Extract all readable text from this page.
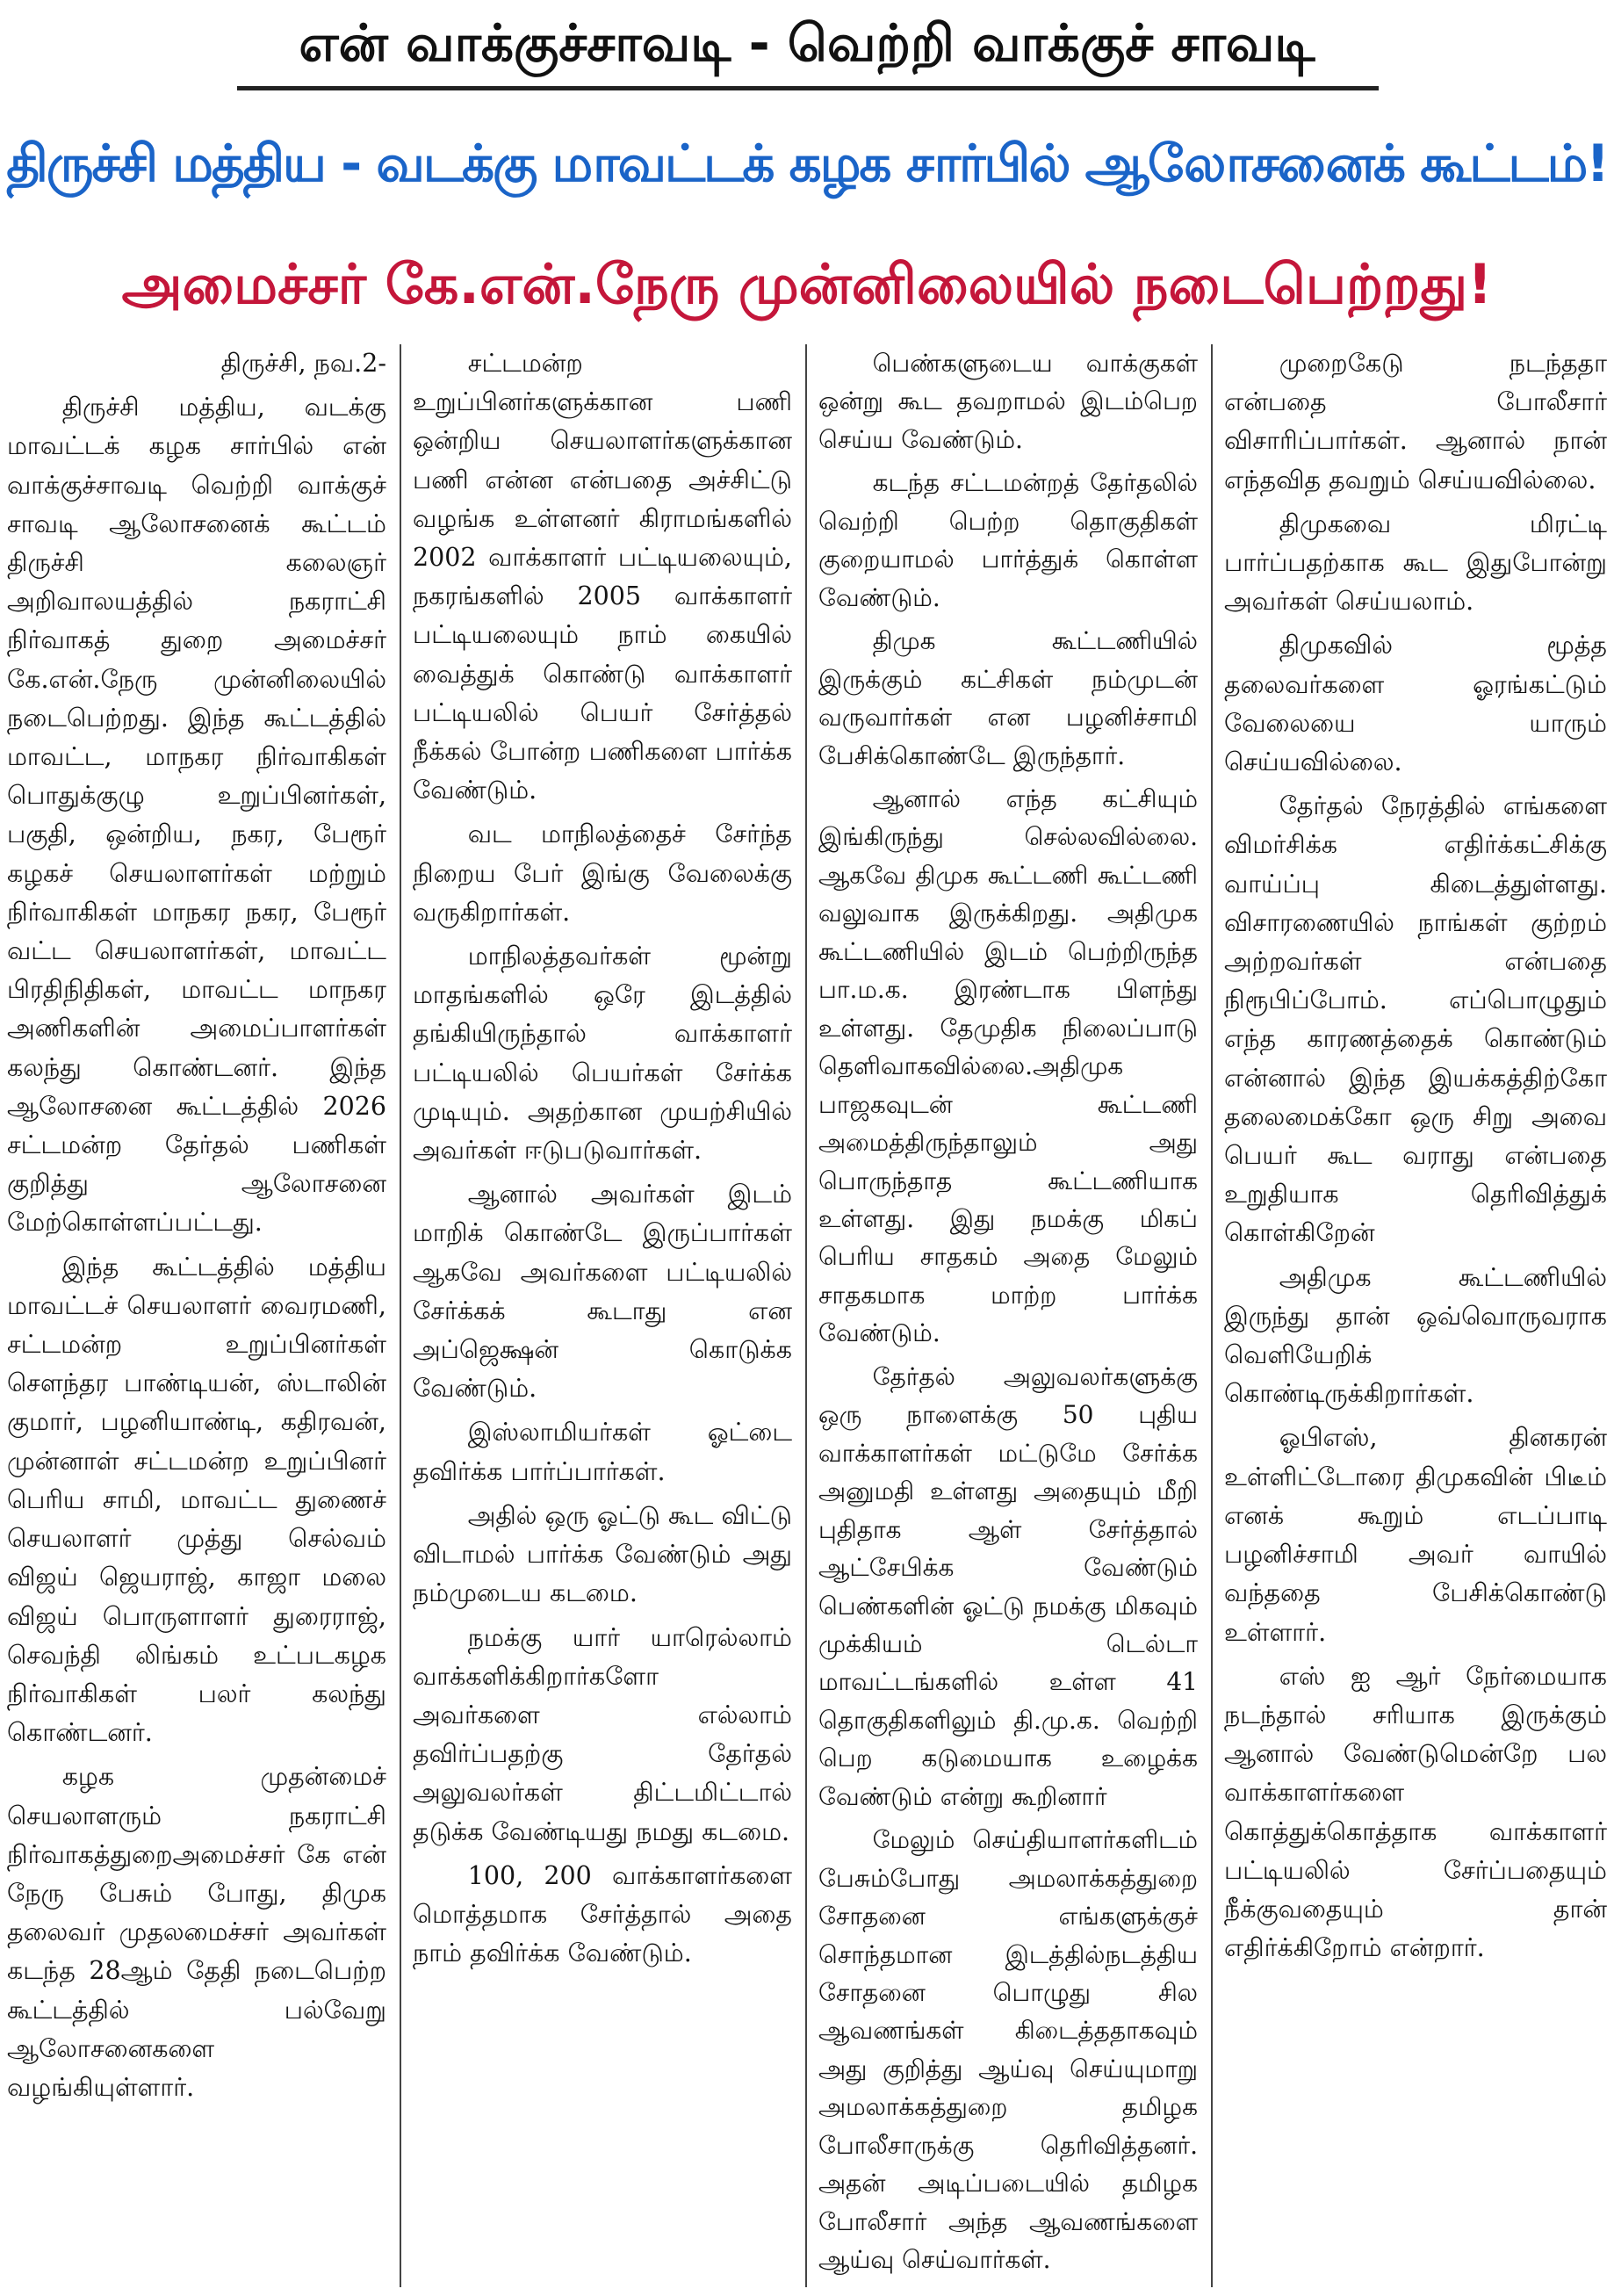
என் வாக்குச்சாவடி - வெற்றி வாக்குச் சாவடி
திருச்சி மத்திய - வடக்கு மாவட்டக் கழக சார்பில் ஆலோசனைக் கூட்டம்!
அமைச்சர் கே.என்.நேரு முன்னிலையில் நடைபெற்றது!

திருச்சி, நவ.2-

திருச்சி மத்திய, வடக்கு மாவட்டக் கழக சார்பில் என் வாக்குச்சாவடி வெற்றி வாக்குச் சாவடி ஆலோசனைக் கூட்டம் திருச்சி கலைஞர் அறிவாலயத்தில் நகராட்சி நிர்வாகத் துறை அமைச்சர் கே.என்.நேரு முன்னிலையில் நடைபெற்றது. இந்த கூட்டத்தில் மாவட்ட, மாநகர நிர்வாகிகள் பொதுக்குழு உறுப்பினர்கள், பகுதி, ஒன்றிய, நகர, பேரூர் கழகச் செயலாளர்கள் மற்றும் நிர்வாகிகள் மாநகர நகர, பேரூர் வட்ட செயலாளர்கள், மாவட்ட பிரதிநிதிகள், மாவட்ட மாநகர அணிகளின் அமைப்பாளர்கள் கலந்து கொண்டனர். இந்த ஆலோசனை கூட்டத்தில் 2026 சட்டமன்ற தேர்தல் பணிகள் குறித்து ஆலோசனை மேற்கொள்ளப்பட்டது.

இந்த கூட்டத்தில் மத்திய மாவட்டச் செயலாளர் வைரமணி, சட்டமன்ற உறுப்பினர்கள் சௌந்தர பாண்டியன், ஸ்டாலின் குமார், பழனியாண்டி, கதிரவன், முன்னாள் சட்டமன்ற உறுப்பினர் பெரிய சாமி, மாவட்ட துணைச் செயலாளர் முத்து செல்வம் விஜய் ஜெயராஜ், காஜா மலை விஜய் பொருளாளர் துரைராஜ், செவந்தி லிங்கம் உட்படகழக நிர்வாகிகள் பலர் கலந்து கொண்டனர்.

கழக முதன்மைச் செயலாளரும் நகராட்சி நிர்வாகத்துறைஅமைச்சர் கே என் நேரு பேசும் போது, திமுக தலைவர் முதலமைச்சர் அவர்கள் கடந்த 28ஆம் தேதி நடைபெற்ற கூட்டத்தில் பல்வேறு ஆலோசனைகளை வழங்கியுள்ளார்.

சட்டமன்ற உறுப்பினர்களுக்கான பணி ஒன்றிய செயலாளர்களுக்கான பணி என்ன என்பதை அச்சிட்டு வழங்க உள்ளனர் கிராமங்களில் 2002 வாக்காளர் பட்டியலையும், நகரங்களில் 2005 வாக்காளர் பட்டியலையும் நாம் கையில் வைத்துக் கொண்டு வாக்காளர் பட்டியலில் பெயர் சேர்த்தல் நீக்கல் போன்ற பணிகளை பார்க்க வேண்டும்.

வட மாநிலத்தைச் சேர்ந்த நிறைய பேர் இங்கு வேலைக்கு வருகிறார்கள்.

மாநிலத்தவர்கள் மூன்று மாதங்களில் ஒரே இடத்தில் தங்கியிருந்தால் வாக்காளர் பட்டியலில் பெயர்கள் சேர்க்க முடியும். அதற்கான முயற்சியில் அவர்கள் ஈடுபடுவார்கள்.

ஆனால் அவர்கள் இடம் மாறிக் கொண்டே இருப்பார்கள் ஆகவே அவர்களை பட்டியலில் சேர்க்கக் கூடாது என அப்ஜெக்ஷன் கொடுக்க வேண்டும்.

இஸ்லாமியர்கள் ஓட்டை தவிர்க்க பார்ப்பார்கள்.

அதில் ஒரு ஓட்டு கூட விட்டு விடாமல் பார்க்க வேண்டும் அது நம்முடைய கடமை.

நமக்கு யார் யாரெல்லாம் வாக்களிக்கிறார்களோ அவர்களை எல்லாம் தவிர்ப்பதற்கு தேர்தல் அலுவலர்கள் திட்டமிட்டால் தடுக்க வேண்டியது நமது கடமை.

100, 200 வாக்காளர்களை மொத்தமாக சேர்த்தால் அதை நாம் தவிர்க்க வேண்டும்.

பெண்களுடைய வாக்குகள் ஒன்று கூட தவறாமல் இடம்பெற செய்ய வேண்டும்.

கடந்த சட்டமன்றத் தேர்தலில் வெற்றி பெற்ற தொகுதிகள் குறையாமல் பார்த்துக் கொள்ள வேண்டும்.

திமுக கூட்டணியில் இருக்கும் கட்சிகள் நம்முடன் வருவார்கள் என பழனிச்சாமி பேசிக்கொண்டே இருந்தார்.

ஆனால் எந்த கட்சியும் இங்கிருந்து செல்லவில்லை. ஆகவே திமுக கூட்டணி கூட்டணி வலுவாக இருக்கிறது. அதிமுக கூட்டணியில் இடம் பெற்றிருந்த பா.ம.க. இரண்டாக பிளந்து உள்ளது. தேமுதிக நிலைப்பாடு தெளிவாகவில்லை.அதிமுக பாஜகவுடன் கூட்டணி அமைத்திருந்தாலும் அது பொருந்தாத கூட்டணியாக உள்ளது. இது நமக்கு மிகப் பெரிய சாதகம் அதை மேலும் சாதகமாக மாற்ற பார்க்க வேண்டும்.

தேர்தல் அலுவலர்களுக்கு ஒரு நாளைக்கு 50 புதிய வாக்காளர்கள் மட்டுமே சேர்க்க அனுமதி உள்ளது அதையும் மீறி புதிதாக ஆள் சேர்த்தால் ஆட்சேபிக்க வேண்டும் பெண்களின் ஓட்டு நமக்கு மிகவும் முக்கியம் டெல்டா மாவட்டங்களில் உள்ள 41 தொகுதிகளிலும் தி.மு.க. வெற்றி பெற கடுமையாக உழைக்க வேண்டும் என்று கூறினார்

மேலும் செய்தியாளர்களிடம் பேசும்போது அமலாக்கத்துறை சோதனை எங்களுக்குச் சொந்தமான இடத்தில்நடத்திய சோதனை பொழுது சில ஆவணங்கள் கிடைத்ததாகவும் அது குறித்து ஆய்வு செய்யுமாறு அமலாக்கத்துறை தமிழக போலீசாருக்கு தெரிவித்தனர். அதன் அடிப்படையில் தமிழக போலீசார் அந்த ஆவணங்களை ஆய்வு செய்வார்கள்.

முறைகேடு நடந்ததா என்பதை போலீசார் விசாரிப்பார்கள். ஆனால் நான் எந்தவித தவறும் செய்யவில்லை.

திமுகவை மிரட்டி பார்ப்பதற்காக கூட இதுபோன்று அவர்கள் செய்யலாம்.

திமுகவில் மூத்த தலைவர்களை ஓரங்கட்டும் வேலையை யாரும் செய்யவில்லை.

தேர்தல் நேரத்தில் எங்களை விமர்சிக்க எதிர்க்கட்சிக்கு வாய்ப்பு கிடைத்துள்ளது. விசாரணையில் நாங்கள் குற்றம் அற்றவர்கள் என்பதை நிரூபிப்போம். எப்பொழுதும் எந்த காரணத்தைக் கொண்டும் என்னால் இந்த இயக்கத்திற்கோ தலைமைக்கோ ஒரு சிறு அவை பெயர் கூட வராது என்பதை உறுதியாக தெரிவித்துக் கொள்கிறேன்

அதிமுக கூட்டணியில் இருந்து தான் ஒவ்வொருவராக வெளியேறிக் கொண்டிருக்கிறார்கள்.

ஓபிஎஸ், தினகரன் உள்ளிட்டோரை திமுகவின் பிடீம் எனக் கூறும் எடப்பாடி பழனிச்சாமி அவர் வாயில் வந்ததை பேசிக்கொண்டு உள்ளார்.

எஸ் ஐ ஆர் நேர்மையாக நடந்தால் சரியாக இருக்கும் ஆனால் வேண்டுமென்றே பல வாக்காளர்களை கொத்துக்கொத்தாக வாக்காளர் பட்டியலில் சேர்ப்பதையும் நீக்குவதையும் தான் எதிர்க்கிறோம் என்றார்.
